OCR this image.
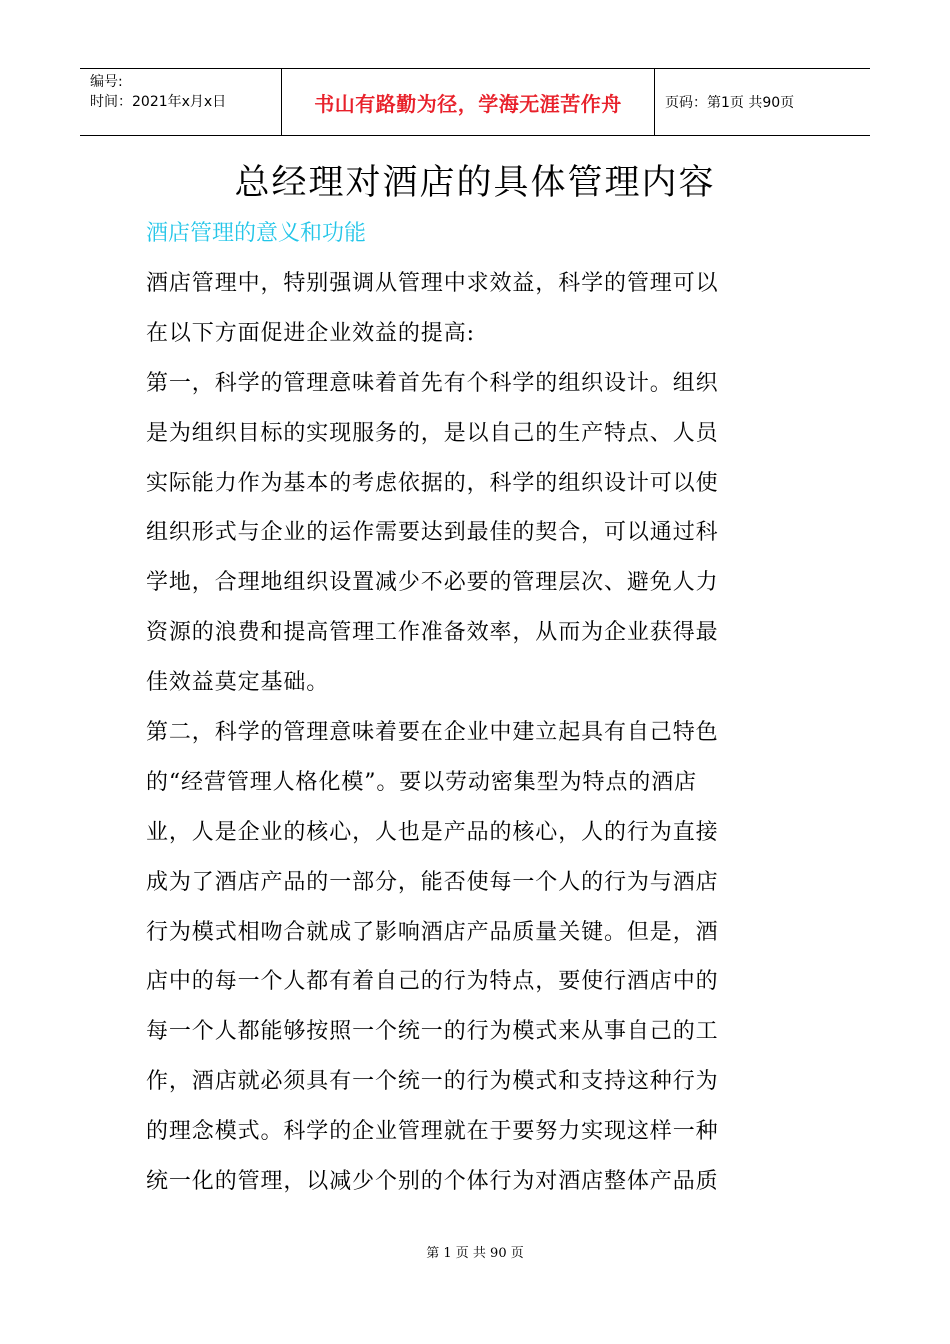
编号:
时间：2021年x月x日	书山有路勤为径，学海无涯苦作舟	页码：第1页 共90页
总经理对酒店的具体管理内容
酒店管理的意义和功能
酒店管理中，特别强调从管理中求效益，科学的管理可以
在以下方面促进企业效益的提高:
第一，科学的管理意味着首先有个科学的组织设计。组织
是为组织目标的实现服务的，是以自己的生产特点、人员
实际能力作为基本的考虑依据的，科学的组织设计可以使
组织形式与企业的运作需要达到最佳的契合，可以通过科
学地，合理地组织设置减少不必要的管理层次、避免人力
资源的浪费和提高管理工作准备效率，从而为企业获得最
佳效益莫定基础。
第二，科学的管理意味着要在企业中建立起具有自己特色
的“经营管理人格化模”。要以劳动密集型为特点的酒店
业，人是企业的核心，人也是产品的核心，人的行为直接
成为了酒店产品的一部分，能否使每一个人的行为与酒店
行为模式相吻合就成了影响酒店产品质量关键。但是，酒
店中的每一个人都有着自己的行为特点，要使行酒店中的
每一个人都能够按照一个统一的行为模式来从事自己的工
作，酒店就必须具有一个统一的行为模式和支持这种行为
的理念模式。科学的企业管理就在于要努力实现这样一种
统一化的管理，以减少个别的个体行为对酒店整体产品质
第 1 页 共 90 页
